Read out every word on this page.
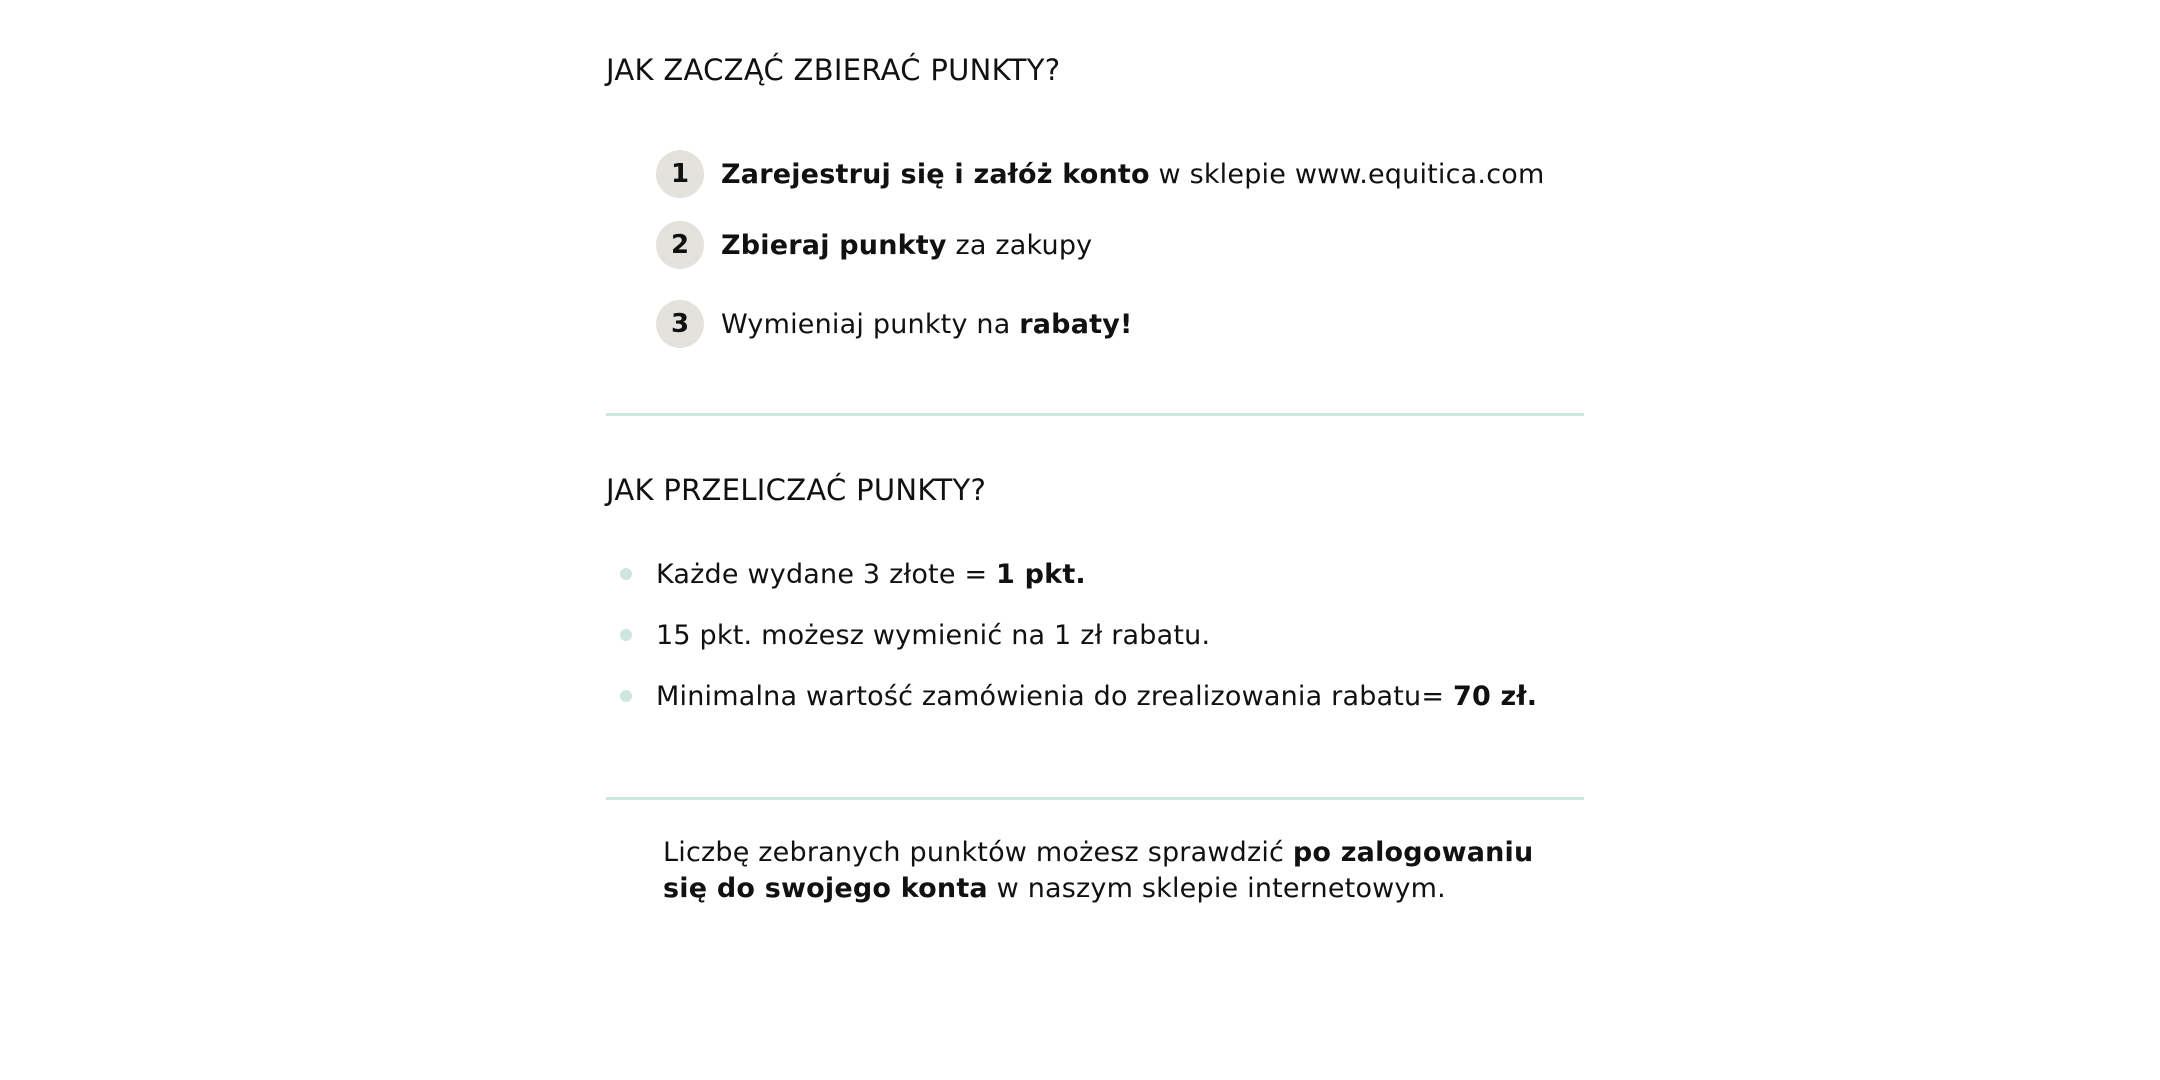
JAK ZACZĄĆ ZBIERAĆ PUNKTY?
1	Zarejestruj się i załóż konto w sklepie www.equitica.com
2	Zbieraj punkty za zakupy
3	Wymieniaj punkty na rabaty!
JAK PRZELICZAĆ PUNKTY?
Każde wydane 3 złote = 1 pkt.
15 pkt. możesz wymienić na 1 zł rabatu.
Minimalna wartość zamówienia do zrealizowania rabatu= 70 zł.

Liczbę zebranych punktów możesz sprawdzić po zalogowaniu się do swojego konta w naszym sklepie internetowym.
